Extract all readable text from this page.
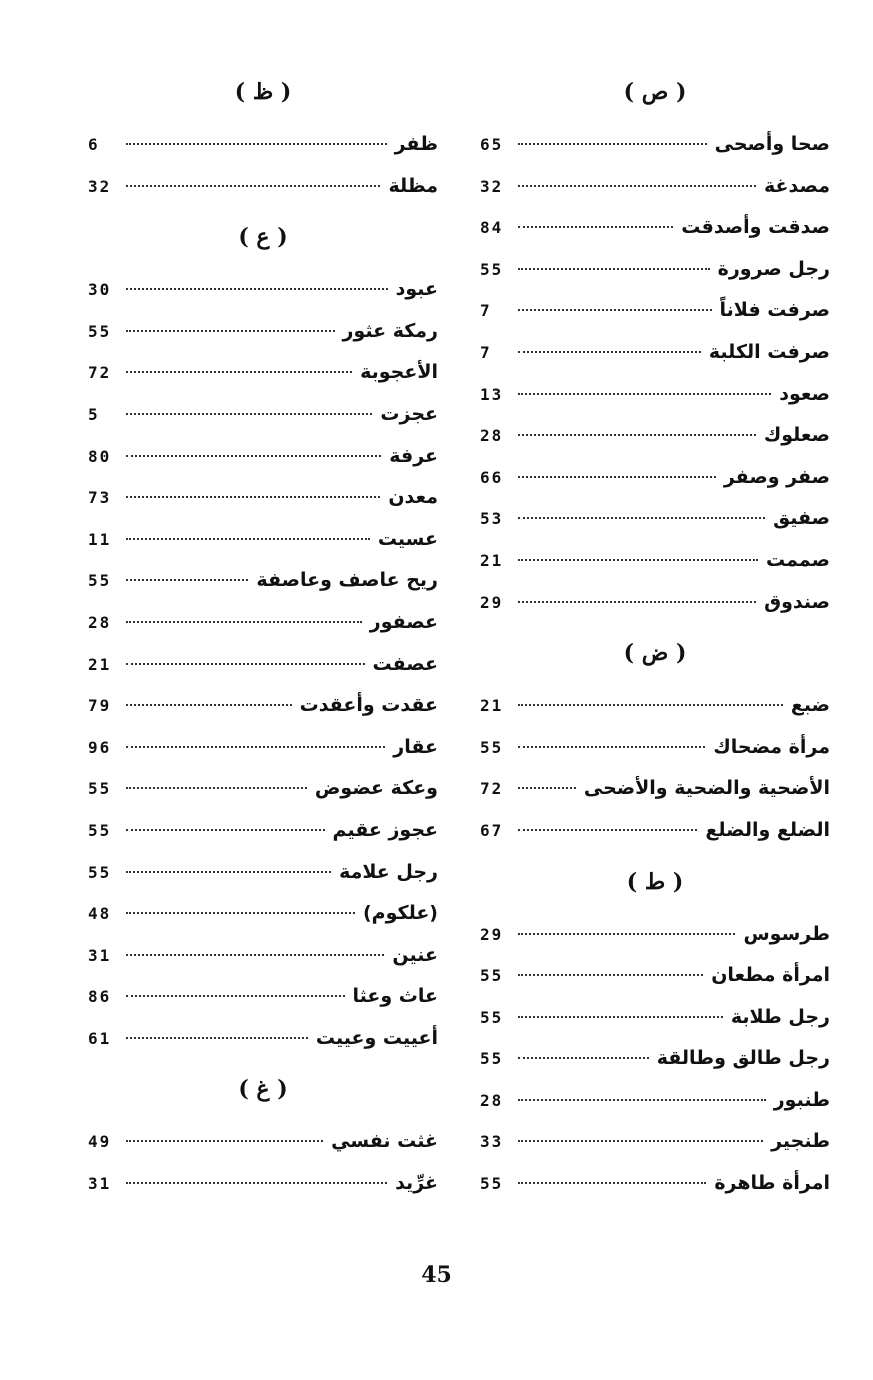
( ص )
65	صحا وأصحى
32	مصدغة
84	صدقت وأصدقت
55	رجل صرورة
7	صرفت فلاناً
7	صرفت الكلبة
13	صعود
28	صعلوك
66	صفر وصفر
53	صفيق
21	صممت
29	صندوق
( ض )
21	ضبع
55	مرأة مضحاك
72	الأضحية والضحية والأضحى
67	الضلع والضلع
( ط )
29	طرسوس
55	امرأة مطعان
55	رجل طلابة
55	رجل طالق وطالقة
28	طنبور
33	طنجير
55	امرأة طاهرة
( ظ )
6	ظفر
32	مظلة
( ع )
30	عبود
55	رمكة عثور
72	الأعجوبة
5	عجزت
80	عرفة
73	معدن
11	عسيت
55	ريح عاصف وعاصفة
28	عصفور
21	عصفت
79	عقدت وأعقدت
96	عقار
55	وعكة عضوض
55	عجوز عقيم
55	رجل علامة
48	(علكوم)
31	عنين
86	عاث وعثا
61	أعييت وعييت
( غ )
49	غثت نفسي
31	غرِّيد
45
